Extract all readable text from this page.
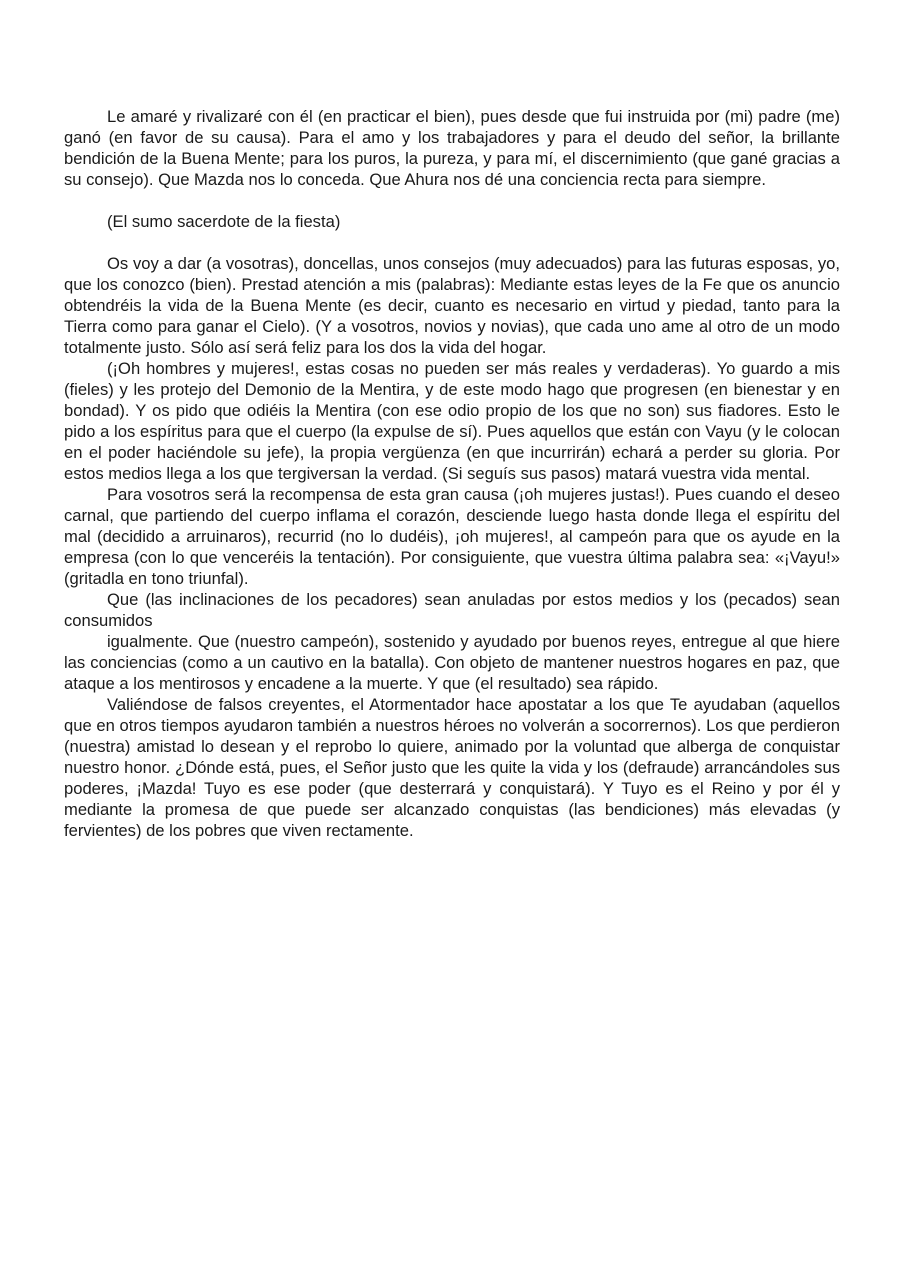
Le amaré y rivalizaré con él (en practicar el bien), pues desde que fui instruida por (mi) padre (me) ganó (en favor de su causa). Para el amo y los trabajadores y para el deudo del señor, la brillante bendición de la Buena Mente; para los puros, la pureza, y para mí, el discernimiento (que gané gracias a su consejo). Que Mazda nos lo conceda. Que Ahura nos dé una conciencia recta para siempre.

(El sumo sacerdote de la fiesta)

Os voy a dar (a vosotras), doncellas, unos consejos (muy adecuados) para las futuras esposas, yo, que los conozco (bien). Prestad atención a mis (palabras): Mediante estas leyes de la Fe que os anuncio obtendréis la vida de la Buena Mente (es decir, cuanto es necesario en virtud y piedad, tanto para la Tierra como para ganar el Cielo). (Y a vosotros, novios y novias), que cada uno ame al otro de un modo totalmente justo. Sólo así será feliz para los dos la vida del hogar.

(¡Oh hombres y mujeres!, estas cosas no pueden ser más reales y verdaderas). Yo guardo a mis (fieles) y les protejo del Demonio de la Mentira, y de este modo hago que progresen (en bienestar y en bondad). Y os pido que odiéis la Mentira (con ese odio propio de los que no son) sus fiadores. Esto le pido a los espíritus para que el cuerpo (la expulse de sí). Pues aquellos que están con Vayu (y le colocan en el poder haciéndole su jefe), la propia vergüenza (en que incurrirán) echará a perder su gloria. Por estos medios llega a los que tergiversan la verdad. (Si seguís sus pasos) matará vuestra vida mental.

Para vosotros será la recompensa de esta gran causa (¡oh mujeres justas!). Pues cuando el deseo carnal, que partiendo del cuerpo inflama el corazón, desciende luego hasta donde llega el espíritu del mal (decidido a arruinaros), recurrid (no lo dudéis), ¡oh mujeres!, al campeón para que os ayude en la empresa (con lo que venceréis la tentación). Por consiguiente, que vuestra última palabra sea: «¡Vayu!» (gritadla en tono triunfal).

Que (las inclinaciones de los pecadores) sean anuladas por estos medios y los (pecados) sean consumidos

igualmente. Que (nuestro campeón), sostenido y ayudado por buenos reyes, entregue al que hiere las conciencias (como a un cautivo en la batalla). Con objeto de mantener nuestros hogares en paz, que ataque a los mentirosos y encadene a la muerte. Y que (el resultado) sea rápido.

Valiéndose de falsos creyentes, el Atormentador hace apostatar a los que Te ayudaban (aquellos que en otros tiempos ayudaron también a nuestros héroes no volverán a socorrernos). Los que perdieron (nuestra) amistad lo desean y el reprobo lo quiere, animado por la voluntad que alberga de conquistar nuestro honor. ¿Dónde está, pues, el Señor justo que les quite la vida y los (defraude) arrancándoles sus poderes, ¡Mazda! Tuyo es ese poder (que desterrará y conquistará). Y Tuyo es el Reino y por él y mediante la promesa de que puede ser alcanzado conquistas (las bendiciones) más elevadas (y fervientes) de los pobres que viven rectamente.
